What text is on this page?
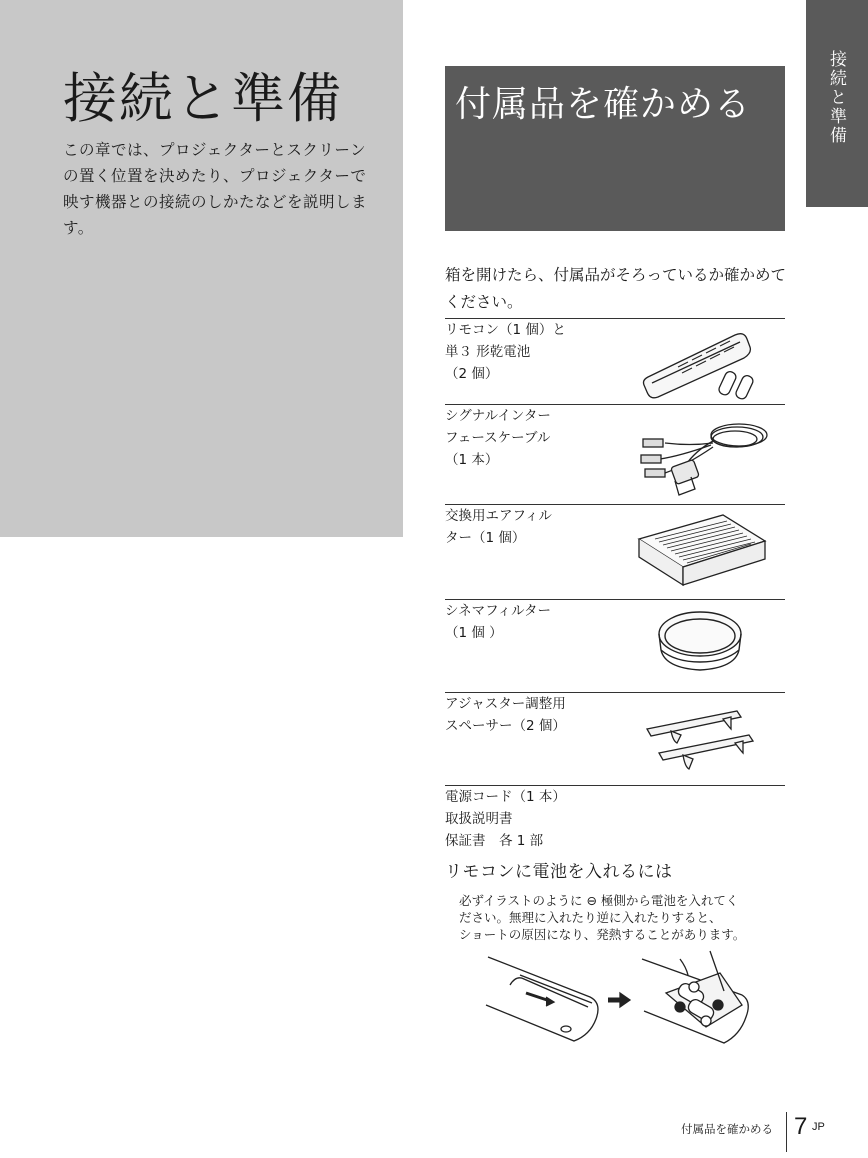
接続と準備

この章では、プロジェクターとスクリーンの置く位置を決めたり、プロジェクターで映す機器との接続のしかたなどを説明します。

付属品を確かめる	接続と準備

箱を開けたら、付属品がそろっているか確かめてください。

リモコン（1 個）と
単３ 形乾電池
（2 個）

シグナルインター
フェースケーブル
（1 本）

交換用エアフィル
ター（1 個）

シネマフィルター
（1 個 ）

アジャスター調整用
スペーサー（2 個）

電源コード（1 本）
取扱説明書
保証書　各 1 部

リモコンに電池を入れるには

必ずイラストのように ⊖ 極側から電池を入れてく
ださい。無理に入れたり逆に入れたりすると、
ショートの原因になり、発熱することがあります。

付属品を確かめる 7 JP
